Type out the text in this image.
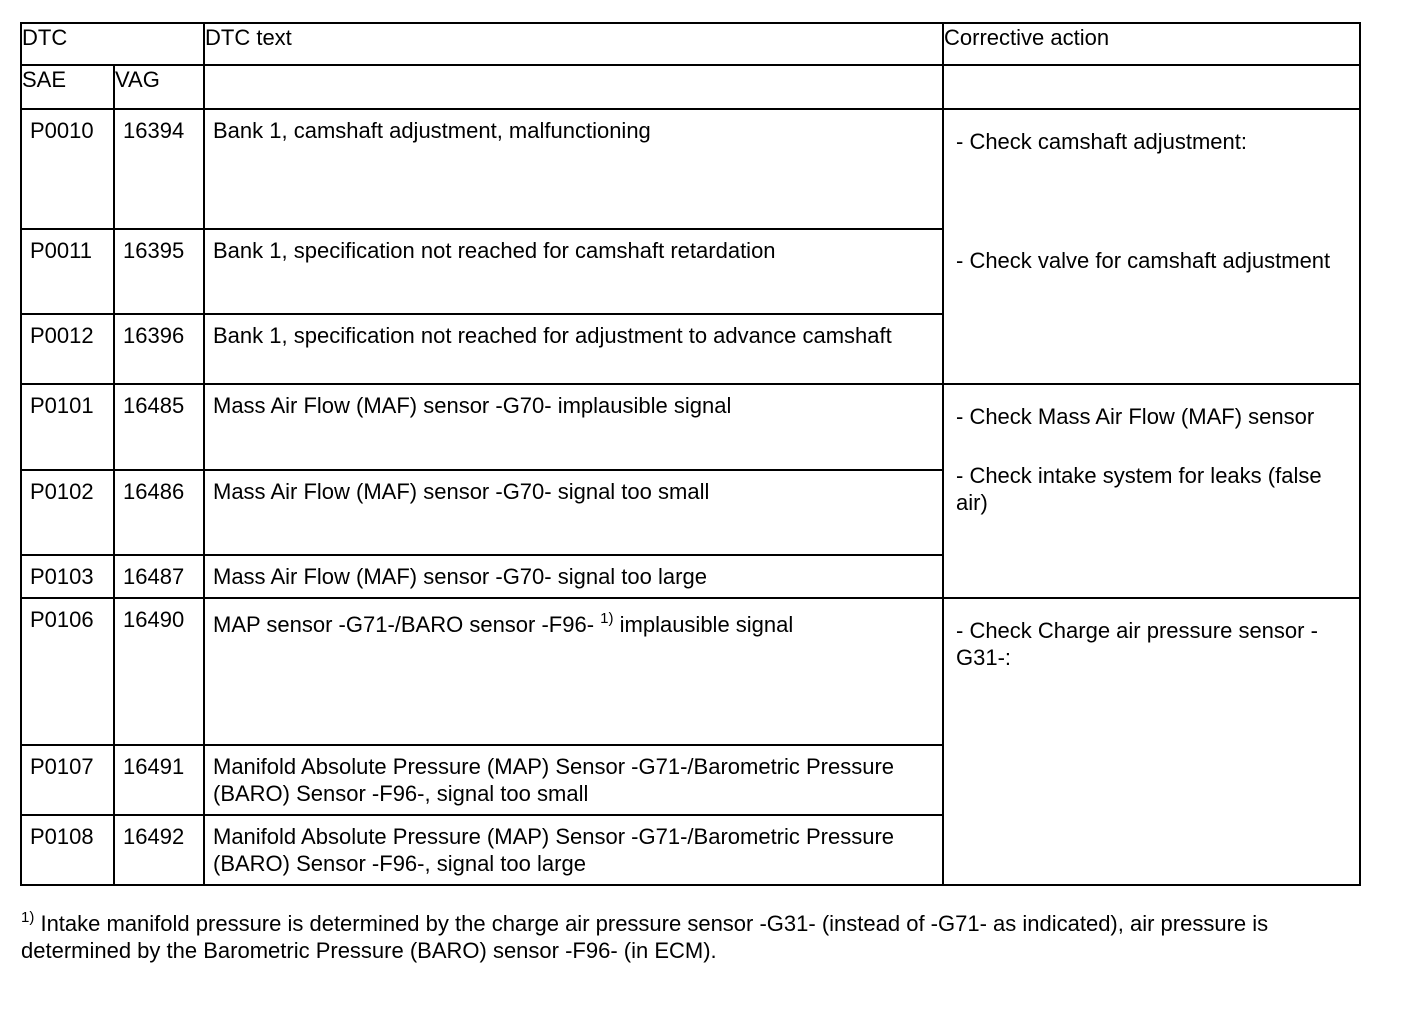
DTC		DTC text	Corrective action
SAE	VAG		

P0010	16394	Bank 1, camshaft adjustment, malfunctioning	- Check camshaft adjustment:
- Check valve for camshaft adjustment

P0011	16395	Bank 1, specification not reached for camshaft retardation	

P0012	16396	Bank 1, specification not reached for adjustment to advance camshaft	

P0101	16485	Mass Air Flow (MAF) sensor -G70- implausible signal	- Check Mass Air Flow (MAF) sensor
- Check intake system for leaks (false air)

P0102	16486	Mass Air Flow (MAF) sensor -G70- signal too small	

P0103	16487	Mass Air Flow (MAF) sensor -G70- signal too large	

P0106	16490	MAP sensor -G71-/BARO sensor -F96- $^{1)}$ implausible signal	- Check Charge air pressure sensor -G31-:

P0107	16491	Manifold Absolute Pressure (MAP) Sensor -G71-/Barometric Pressure (BARO) Sensor -F96-, signal too small	

P0108	16492	Manifold Absolute Pressure (MAP) Sensor -G71-/Barometric Pressure (BARO) Sensor -F96-, signal too large	
$^{1)}$ Intake manifold pressure is determined by the charge air pressure sensor -G31- (instead of -G71- as indicated), air pressure is determined by the Barometric Pressure (BARO) sensor -F96- (in ECM).
